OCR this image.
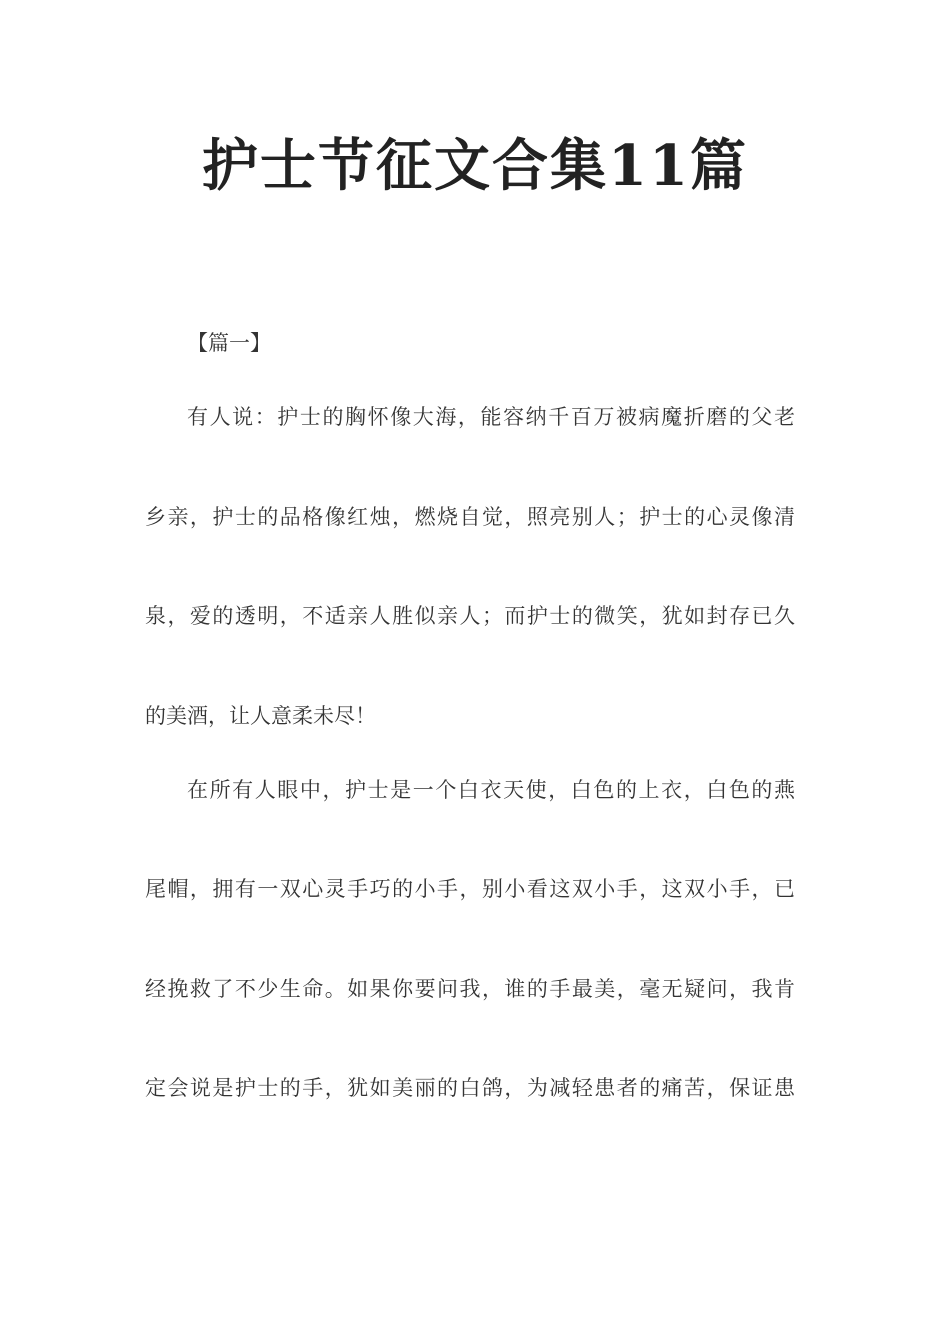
护士节征文合集11篇

【篇一】

有人说：护士的胸怀像大海，能容纳千百万被病魔折磨的父老

乡亲，护士的品格像红烛，燃烧自觉，照亮别人；护士的心灵像清

泉，爱的透明，不适亲人胜似亲人；而护士的微笑，犹如封存已久

的美酒，让人意柔未尽！

在所有人眼中，护士是一个白衣天使，白色的上衣，白色的燕

尾帽，拥有一双心灵手巧的小手，别小看这双小手，这双小手，已

经挽救了不少生命。如果你要问我，谁的手最美，毫无疑问，我肯

定会说是护士的手，犹如美丽的白鸽，为减轻患者的痛苦，保证患
